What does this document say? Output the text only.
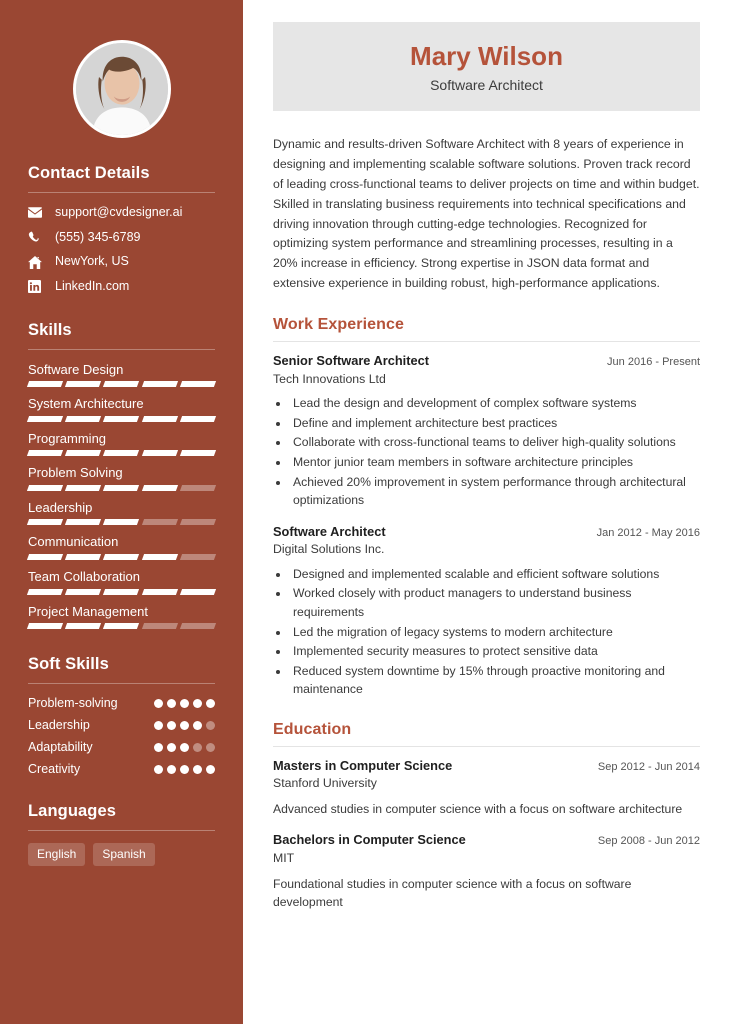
Contact Details
support@cvdesigner.ai
(555) 345-6789
NewYork, US
LinkedIn.com
Skills
Software Design
System Architecture
Programming
Problem Solving
Leadership
Communication
Team Collaboration
Project Management
Soft Skills
Problem-solving
Leadership
Adaptability
Creativity
Languages
English	Spanish
Mary Wilson
Software Architect

Dynamic and results-driven Software Architect with 8 years of experience in designing and implementing scalable software solutions. Proven track record of leading cross-functional teams to deliver projects on time and within budget. Skilled in translating business requirements into technical specifications and driving innovation through cutting-edge technologies. Recognized for optimizing system performance and streamlining processes, resulting in a 20% increase in efficiency. Strong expertise in JSON data format and extensive experience in building robust, high-performance applications.

Work Experience
Senior Software Architect	Jun 2016 - Present
Tech Innovations Ltd
• Lead the design and development of complex software systems
• Define and implement architecture best practices
• Collaborate with cross-functional teams to deliver high-quality solutions
• Mentor junior team members in software architecture principles
• Achieved 20% improvement in system performance through architectural optimizations
Software Architect	Jan 2012 - May 2016
Digital Solutions Inc.
• Designed and implemented scalable and efficient software solutions
• Worked closely with product managers to understand business requirements
• Led the migration of legacy systems to modern architecture
• Implemented security measures to protect sensitive data
• Reduced system downtime by 15% through proactive monitoring and maintenance
Education
Masters in Computer Science	Sep 2012 - Jun 2014
Stanford University
Advanced studies in computer science with a focus on software architecture
Bachelors in Computer Science	Sep 2008 - Jun 2012
MIT
Foundational studies in computer science with a focus on software development
